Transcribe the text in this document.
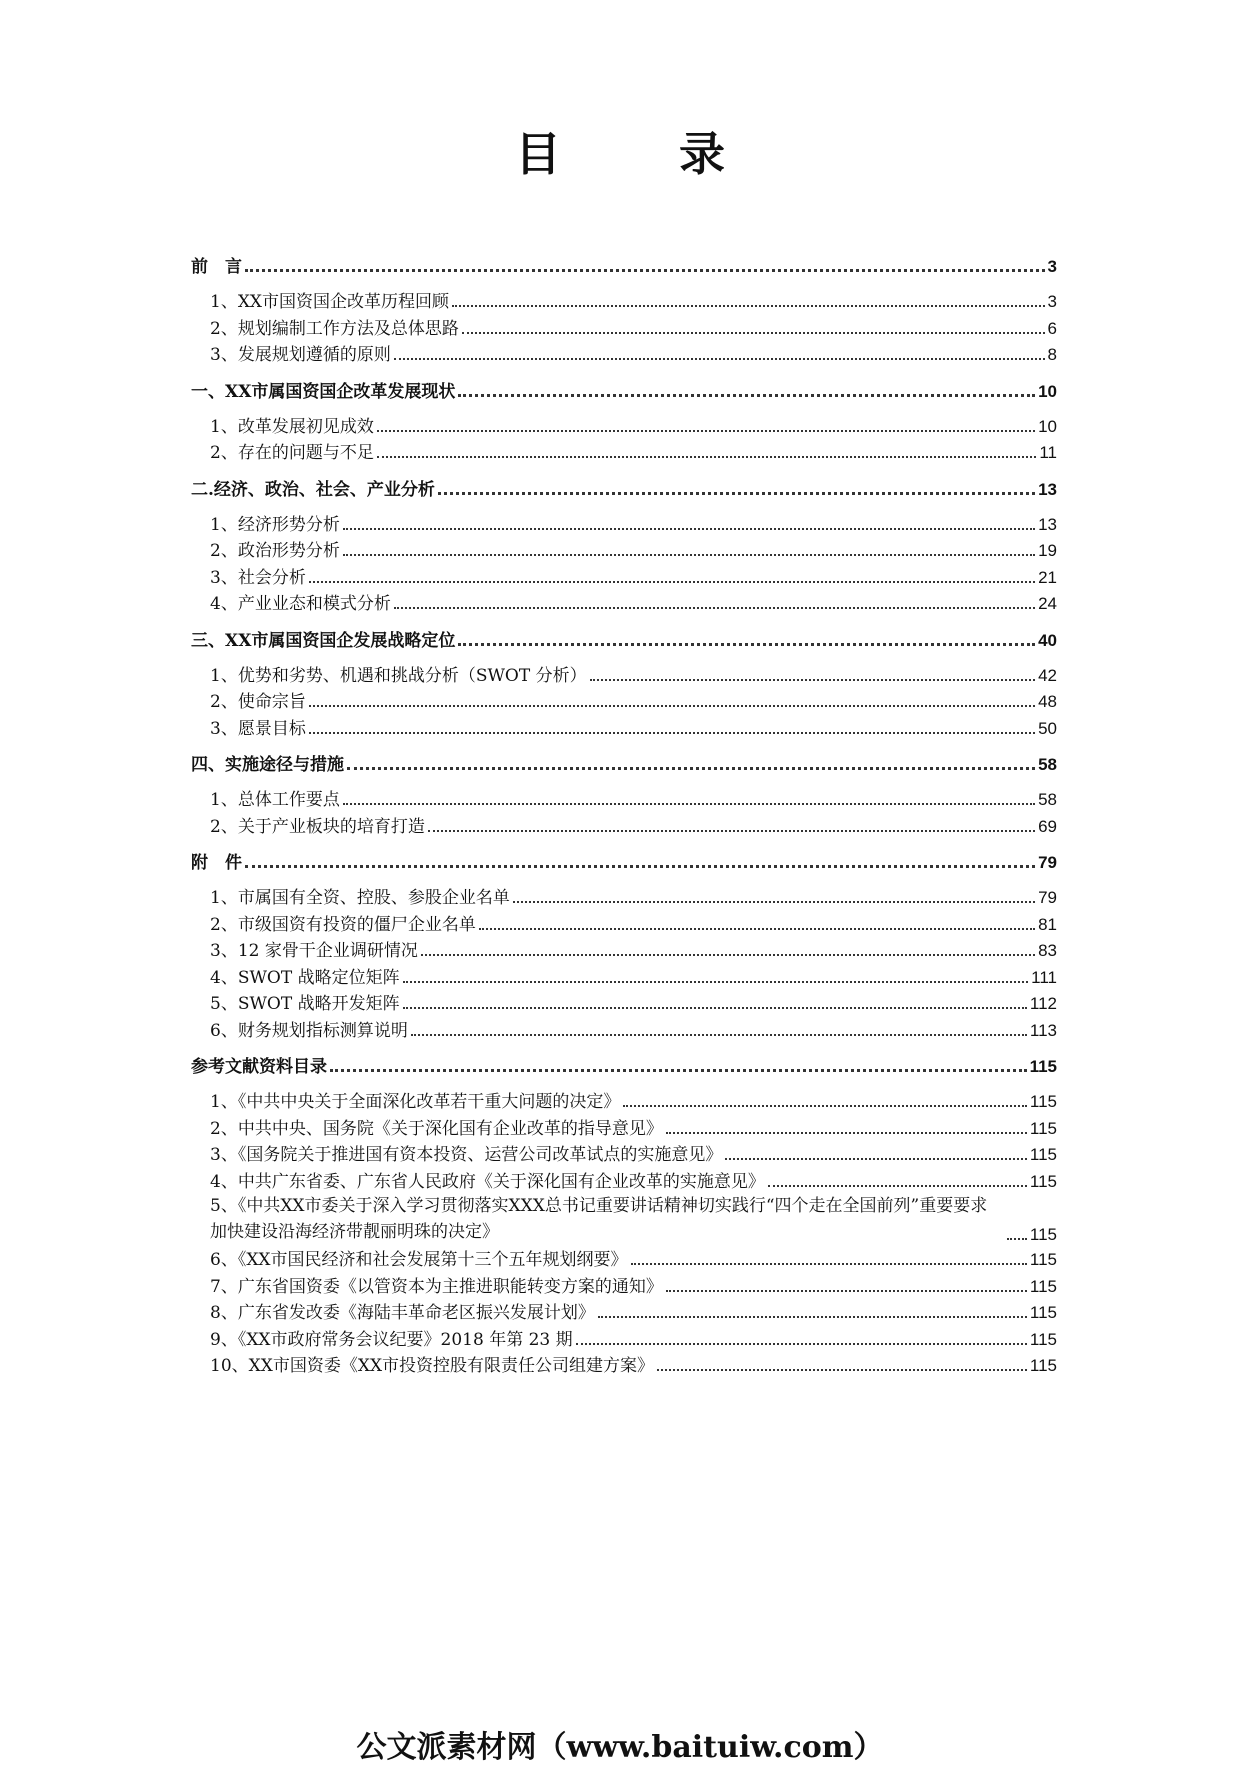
目　录
前　言	3
1、XX市国资国企改革历程回顾	3
2、规划编制工作方法及总体思路	6
3、发展规划遵循的原则	8
一、XX市属国资国企改革发展现状	10
1、改革发展初见成效	10
2、存在的问题与不足	11
二.经济、政治、社会、产业分析	13
1、经济形势分析	13
2、政治形势分析	19
3、社会分析	21
4、产业业态和模式分析	24
三、XX市属国资国企发展战略定位	40
1、优势和劣势、机遇和挑战分析（SWOT 分析）	42
2、使命宗旨	48
3、愿景目标	50
四、实施途径与措施	58
1、总体工作要点	58
2、关于产业板块的培育打造	69
附　件	79
1、市属国有全资、控股、参股企业名单	79
2、市级国资有投资的僵尸企业名单	81
3、12 家骨干企业调研情况	83
4、SWOT 战略定位矩阵	111
5、SWOT 战略开发矩阵	112
6、财务规划指标测算说明	113
参考文献资料目录	115
1、《中共中央关于全面深化改革若干重大问题的决定》	115
2、中共中央、国务院《关于深化国有企业改革的指导意见》	115
3、《国务院关于推进国有资本投资、运营公司改革试点的实施意见》	115
4、中共广东省委、广东省人民政府《关于深化国有企业改革的实施意见》	115
5、《中共XX市委关于深入学习贯彻落实XXX总书记重要讲话精神切实践行“四个走在全国前列”重要要求加快建设沿海经济带靓丽明珠的决定》	115
6、《XX市国民经济和社会发展第十三个五年规划纲要》	115
7、广东省国资委《以管资本为主推进职能转变方案的通知》	115
8、广东省发改委《海陆丰革命老区振兴发展计划》	115
9、《XX市政府常务会议纪要》2018 年第 23 期	115
10、XX市国资委《XX市投资控股有限责任公司组建方案》	115
公文派素材网（www.baituiw.com）
